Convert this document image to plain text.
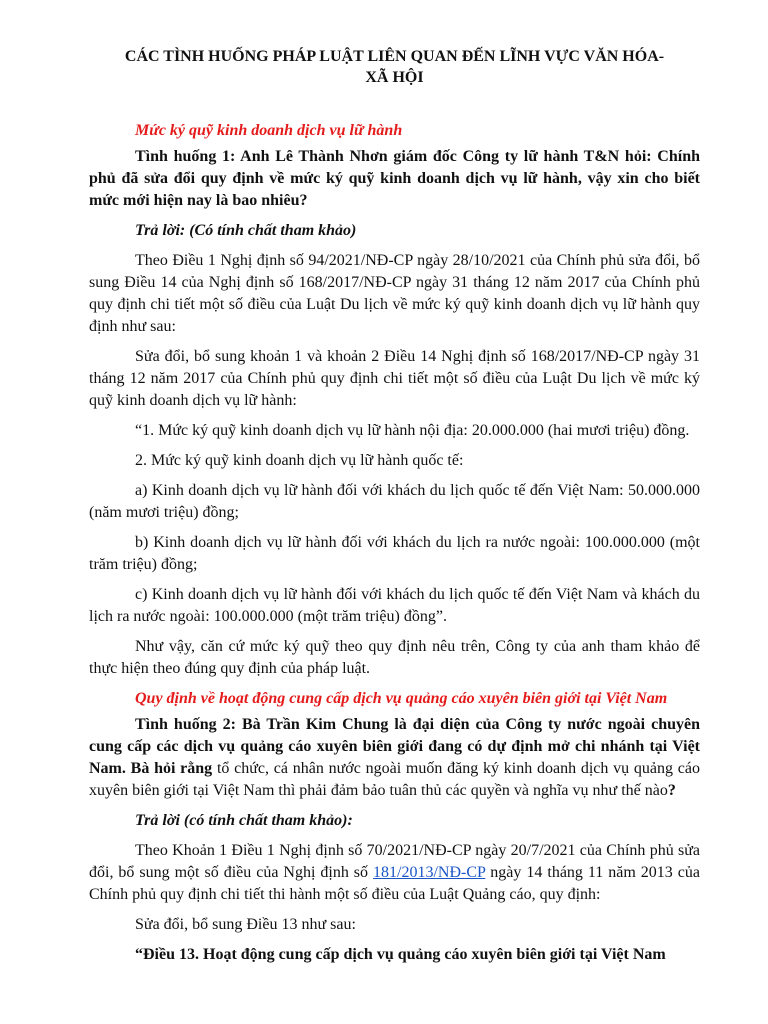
CÁC TÌNH HUỐNG PHÁP LUẬT LIÊN QUAN ĐẾN LĨNH VỰC VĂN HÓA-
XÃ HỘI

Mức ký quỹ kinh doanh dịch vụ lữ hành

Tình huống 1: Anh Lê Thành Nhơn giám đốc Công ty lữ hành T&N hỏi: Chính phủ đã sửa đổi quy định về mức ký quỹ kinh doanh dịch vụ lữ hành, vậy xin cho biết mức mới hiện nay là bao nhiêu?

Trả lời: (Có tính chất tham khảo)

Theo Điều 1 Nghị định số 94/2021/NĐ-CP ngày 28/10/2021 của Chính phủ sửa đổi, bổ sung Điều 14 của Nghị định số 168/2017/NĐ-CP ngày 31 tháng 12 năm 2017 của Chính phủ quy định chi tiết một số điều của Luật Du lịch về mức ký quỹ kinh doanh dịch vụ lữ hành quy định như sau:

Sửa đổi, bổ sung khoản 1 và khoản 2 Điều 14 Nghị định số 168/2017/NĐ-CP ngày 31 tháng 12 năm 2017 của Chính phủ quy định chi tiết một số điều của Luật Du lịch về mức ký quỹ kinh doanh dịch vụ lữ hành:

“1. Mức ký quỹ kinh doanh dịch vụ lữ hành nội địa: 20.000.000 (hai mươi triệu) đồng.

2. Mức ký quỹ kinh doanh dịch vụ lữ hành quốc tế:

a) Kinh doanh dịch vụ lữ hành đối với khách du lịch quốc tế đến Việt Nam: 50.000.000 (năm mươi triệu) đồng;

b) Kinh doanh dịch vụ lữ hành đối với khách du lịch ra nước ngoài: 100.000.000 (một trăm triệu) đồng;

c) Kinh doanh dịch vụ lữ hành đối với khách du lịch quốc tế đến Việt Nam và khách du lịch ra nước ngoài: 100.000.000 (một trăm triệu) đồng”.

Như vậy, căn cứ mức ký quỹ theo quy định nêu trên, Công ty của anh tham khảo để thực hiện theo đúng quy định của pháp luật.

Quy định về hoạt động cung cấp dịch vụ quảng cáo xuyên biên giới tại Việt Nam

Tình huống 2: Bà Trần Kim Chung là đại diện của Công ty nước ngoài chuyên cung cấp các dịch vụ quảng cáo xuyên biên giới đang có dự định mở chi nhánh tại Việt Nam. Bà hỏi rằng tổ chức, cá nhân nước ngoài muốn đăng ký kinh doanh dịch vụ quảng cáo xuyên biên giới tại Việt Nam thì phải đảm bảo tuân thủ các quyền và nghĩa vụ như thế nào?

Trả lời (có tính chất tham khảo):

Theo Khoản 1 Điều 1 Nghị định số 70/2021/NĐ-CP ngày 20/7/2021 của Chính phủ sửa đổi, bổ sung một số điều của Nghị định số 181/2013/NĐ-CP ngày 14 tháng 11 năm 2013 của Chính phủ quy định chi tiết thi hành một số điều của Luật Quảng cáo, quy định:

Sửa đổi, bổ sung Điều 13 như sau:

“Điều 13. Hoạt động cung cấp dịch vụ quảng cáo xuyên biên giới tại Việt Nam
